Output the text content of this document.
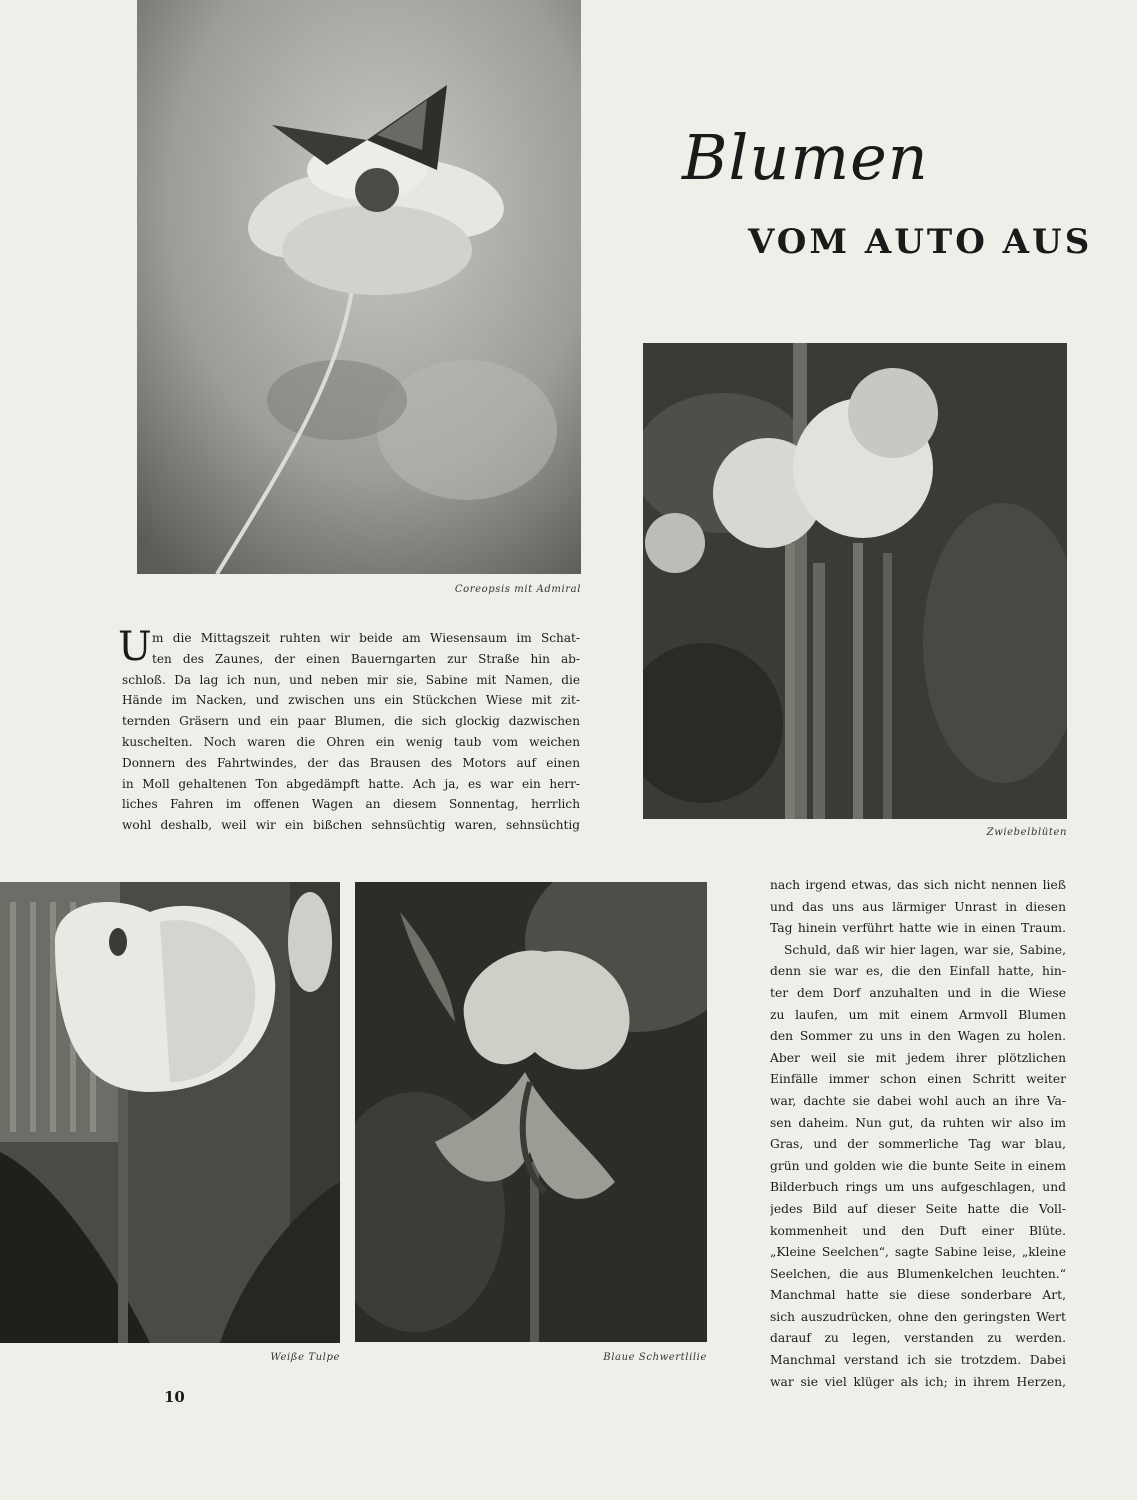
Coreopsis mit Admiral
Blumen
VOM AUTO AUS
Zwiebelblüten
U m die Mittagszeit ruhten wir beide am Wiesensaum im Schat-
ten des Zaunes, der einen Bauerngarten zur Straße hin ab-
schloß. Da lag ich nun, und neben mir sie, Sabine mit Namen, die
Hände im Nacken, und zwischen uns ein Stückchen Wiese mit zit-
ternden Gräsern und ein paar Blumen, die sich glockig dazwischen
kuschelten. Noch waren die Ohren ein wenig taub vom weichen
Donnern des Fahrtwindes, der das Brausen des Motors auf einen
in Moll gehaltenen Ton abgedämpft hatte. Ach ja, es war ein herr-
liches Fahren im offenen Wagen an diesem Sonnentag, herrlich
wohl deshalb, weil wir ein bißchen sehnsüchtig waren, sehnsüchtig
Weiße Tulpe	Blaue Schwertlilie
nach irgend etwas, das sich nicht nennen ließ
und das uns aus lärmiger Unrast in diesen
Tag hinein verführt hatte wie in einen Traum.
Schuld, daß wir hier lagen, war sie, Sabine,
denn sie war es, die den Einfall hatte, hin-
ter dem Dorf anzuhalten und in die Wiese
zu laufen, um mit einem Armvoll Blumen
den Sommer zu uns in den Wagen zu holen.
Aber weil sie mit jedem ihrer plötzlichen
Einfälle immer schon einen Schritt weiter
war, dachte sie dabei wohl auch an ihre Va-
sen daheim. Nun gut, da ruhten wir also im
Gras, und der sommerliche Tag war blau,
grün und golden wie die bunte Seite in einem
Bilderbuch rings um uns aufgeschlagen, und
jedes Bild auf dieser Seite hatte die Voll-
kommenheit und den Duft einer Blüte.
„Kleine Seelchen“, sagte Sabine leise, „kleine
Seelchen, die aus Blumenkelchen leuchten.“
Manchmal hatte sie diese sonderbare Art,
sich auszudrücken, ohne den geringsten Wert
darauf zu legen, verstanden zu werden.
Manchmal verstand ich sie trotzdem. Dabei
war sie viel klüger als ich; in ihrem Herzen,
10
